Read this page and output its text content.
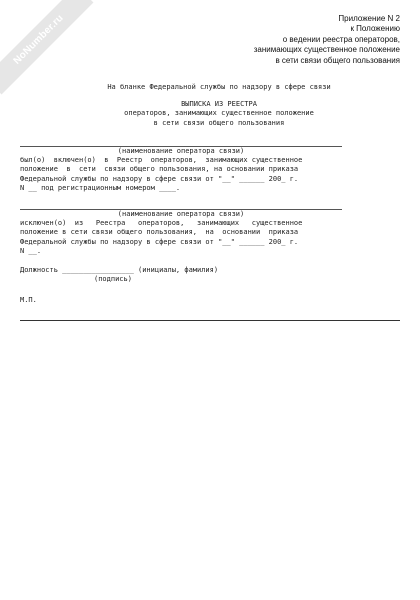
NoNumber.ru	Приложение N 2
к Положению
о ведении реестра операторов,
занимающих существенное положение
в сети связи общего пользования
На бланке Федеральной службы по надзору в сфере связи
ВЫПИСКА ИЗ РЕЕСТРА
операторов, занимающих существенное положение
в сети связи общего пользования
(наименование оператора связи)
был(о)  включен(о)  в  Реестр  операторов,  занимающих существенное
положение  в  сети  связи общего пользования, на основании приказа
Федеральной службы по надзору в сфере связи от "__" ______ 200_ г.
N __ под регистрационным номером ____.
(наименование оператора связи)
исключен(о)  из   Реестра   операторов,   занимающих   существенное
положение в сети связи общего пользования,  на  основании  приказа
Федеральной службы по надзору в сфере связи от "__" ______ 200_ г.
N __.
Должность _________________ (инициалы, фамилия)
(подпись)
М.П.
